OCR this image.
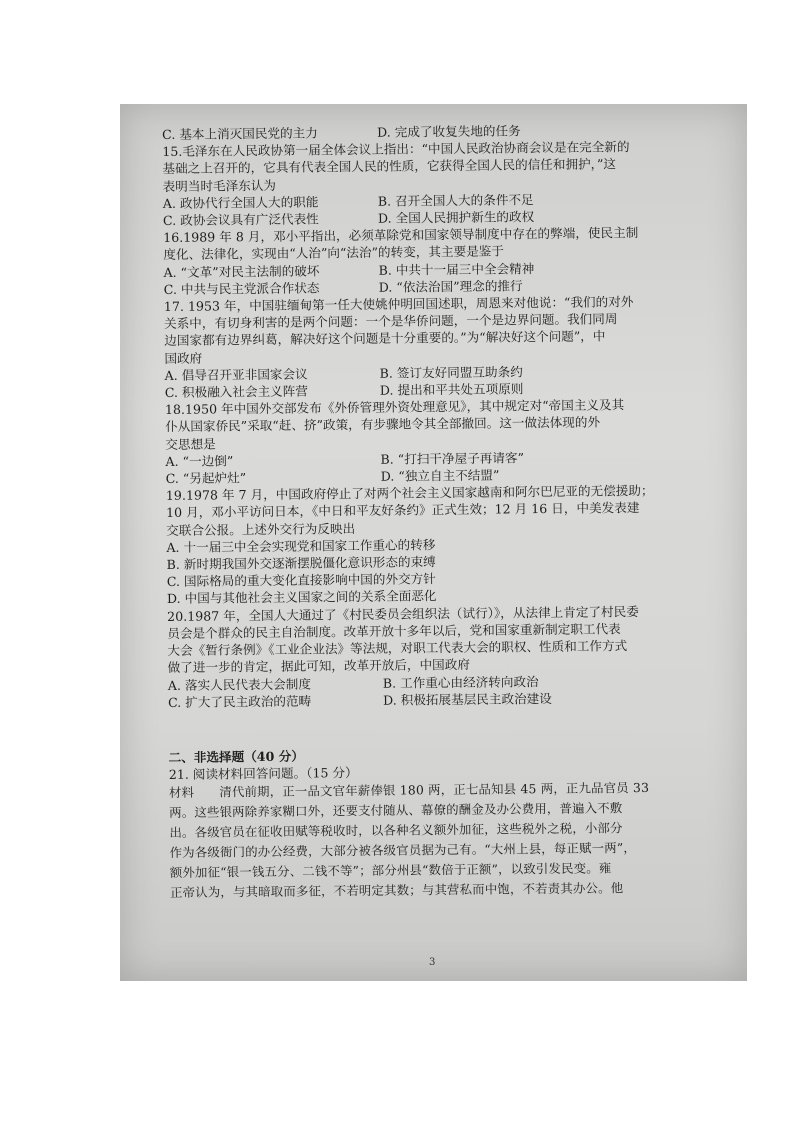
C. 基本上消灭国民党的主力	D. 完成了收复失地的任务
15.毛泽东在人民政协第一届全体会议上指出：“中国人民政治协商会议是在完全新的
基础之上召开的，它具有代表全国人民的性质，它获得全国人民的信任和拥护，”这
表明当时毛泽东认为
A. 政协代行全国人大的职能	B. 召开全国人大的条件不足
C. 政协会议具有广泛代表性	D. 全国人民拥护新生的政权
16.1989 年 8 月，邓小平指出，必须革除党和国家领导制度中存在的弊端，使民主制
度化、法律化，实现由“人治”向“法治”的转变，其主要是鉴于
A. “文革”对民主法制的破坏	B. 中共十一届三中全会精神
C. 中共与民主党派合作状态	D. “依法治国”理念的推行
17. 1953 年，中国驻缅甸第一任大使姚仲明回国述职，周恩来对他说：“我们的对外
关系中，有切身利害的是两个问题：一个是华侨问题，一个是边界问题。我们同周
边国家都有边界纠葛，解决好这个问题是十分重要的。”为“解决好这个问题”，中
国政府
A. 倡导召开亚非国家会议	B. 签订友好同盟互助条约
C. 积极融入社会主义阵营	D. 提出和平共处五项原则
18.1950 年中国外交部发布《外侨管理外资处理意见》，其中规定对“帝国主义及其
仆从国家侨民”采取“赶、挤”政策，有步骤地令其全部撤回。这一做法体现的外
交思想是
A. “一边倒”	B. “打扫干净屋子再请客”
C. “另起炉灶”	D. “独立自主不结盟”
19.1978 年 7 月，中国政府停止了对两个社会主义国家越南和阿尔巴尼亚的无偿援助；
10 月，邓小平访问日本，《中日和平友好条约》正式生效；12 月 16 日，中美发表建
交联合公报。上述外交行为反映出
A. 十一届三中全会实现党和国家工作重心的转移
B. 新时期我国外交逐渐摆脱僵化意识形态的束缚
C. 国际格局的重大变化直接影响中国的外交方针
D. 中国与其他社会主义国家之间的关系全面恶化
20.1987 年，全国人大通过了《村民委员会组织法（试行）》，从法律上肯定了村民委
员会是个群众的民主自治制度。改革开放十多年以后，党和国家重新制定职工代表
大会《暂行条例》《工业企业法》等法规，对职工代表大会的职权、性质和工作方式
做了进一步的肯定，据此可知，改革开放后，中国政府
A. 落实人民代表大会制度	B. 工作重心由经济转向政治
C. 扩大了民主政治的范畴	D. 积极拓展基层民主政治建设
二、非选择题（40 分）
21. 阅读材料回答问题。（15 分）
材料　　清代前期，正一品文官年薪俸银 180 两，正七品知县 45 两，正九品官员 33
两。这些银两除养家糊口外，还要支付随从、幕僚的酬金及办公费用，普遍入不敷
出。各级官员在征收田赋等税收时，以各种名义额外加征，这些税外之税，小部分
作为各级衙门的办公经费，大部分被各级官员据为己有。“大州上县，每正赋一两”，
额外加征“银一钱五分、二钱不等”；部分州县“数倍于正额”，以致引发民变。雍
正帝认为，与其暗取而多征，不若明定其数；与其营私而中饱，不若责其办公。他
3
